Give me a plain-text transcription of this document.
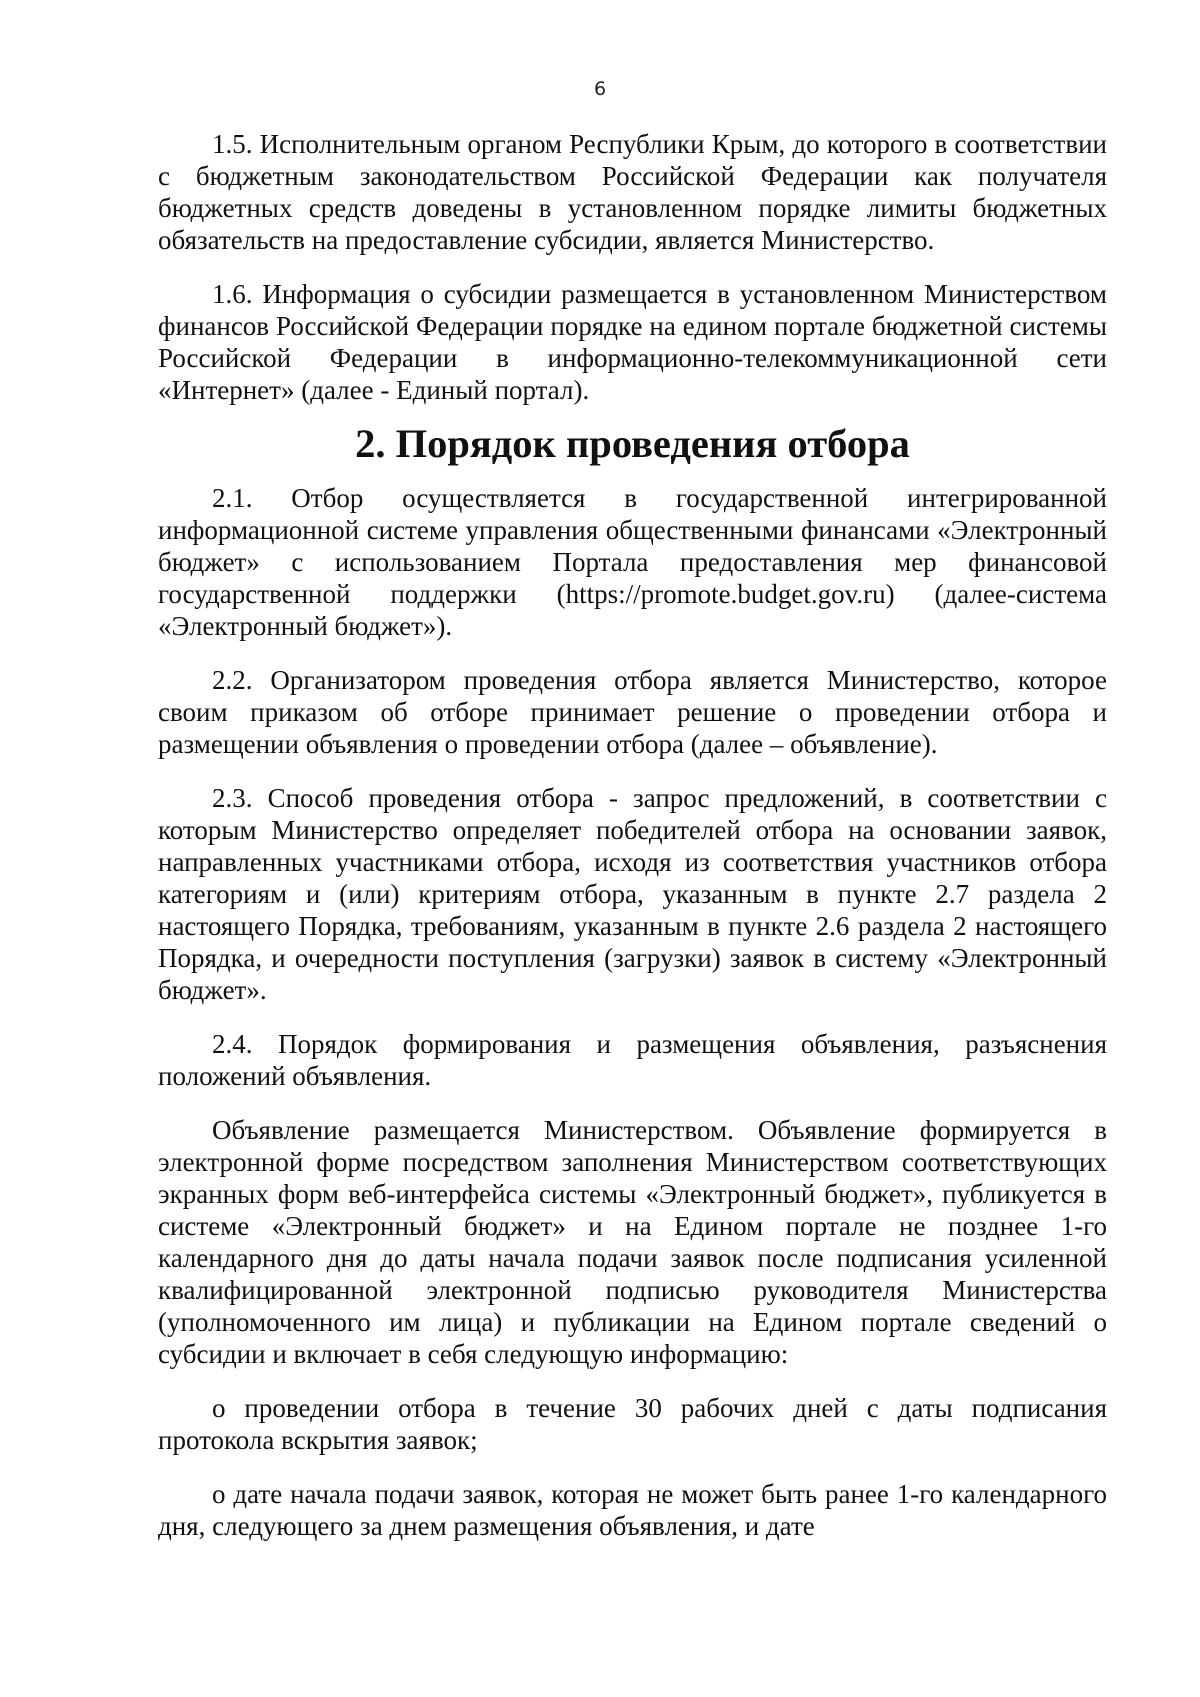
6

1.5. Исполнительным органом Республики Крым, до которого в соответствии с бюджетным законодательством Российской Федерации как получателя бюджетных средств доведены в установленном порядке лимиты бюджетных обязательств на предоставление субсидии, является Министерство.

1.6. Информация о субсидии размещается в установленном Министерством финансов Российской Федерации порядке на едином портале бюджетной системы Российской Федерации в информационно-телекоммуникационной сети «Интернет» (далее - Единый портал).

2. Порядок проведения отбора

2.1. Отбор осуществляется в государственной интегрированной информационной системе управления общественными финансами «Электронный бюджет» с использованием Портала предоставления мер финансовой государственной поддержки (https://promote.budget.gov.ru) (далее-система «Электронный бюджет»).

2.2. Организатором проведения отбора является Министерство, которое своим приказом об отборе принимает решение о проведении отбора и размещении объявления о проведении отбора (далее – объявление).

2.3. Способ проведения отбора - запрос предложений, в соответствии с которым Министерство определяет победителей отбора на основании заявок, направленных участниками отбора, исходя из соответствия участников отбора категориям и (или) критериям отбора, указанным в пункте 2.7 раздела 2 настоящего Порядка, требованиям, указанным в пункте 2.6 раздела 2 настоящего Порядка, и очередности поступления (загрузки) заявок в систему «Электронный бюджет».

2.4. Порядок формирования и размещения объявления, разъяснения положений объявления.

Объявление размещается Министерством. Объявление формируется в электронной форме посредством заполнения Министерством соответствующих экранных форм веб-интерфейса системы «Электронный бюджет», публикуется в системе «Электронный бюджет» и на Едином портале не позднее 1-го календарного дня до даты начала подачи заявок после подписания усиленной квалифицированной электронной подписью руководителя Министерства (уполномоченного им лица) и публикации на Едином портале сведений о субсидии и включает в себя следующую информацию:

о проведении отбора в течение 30 рабочих дней с даты подписания протокола вскрытия заявок;

о дате начала подачи заявок, которая не может быть ранее 1-го календарного дня, следующего за днем размещения объявления, и дате
